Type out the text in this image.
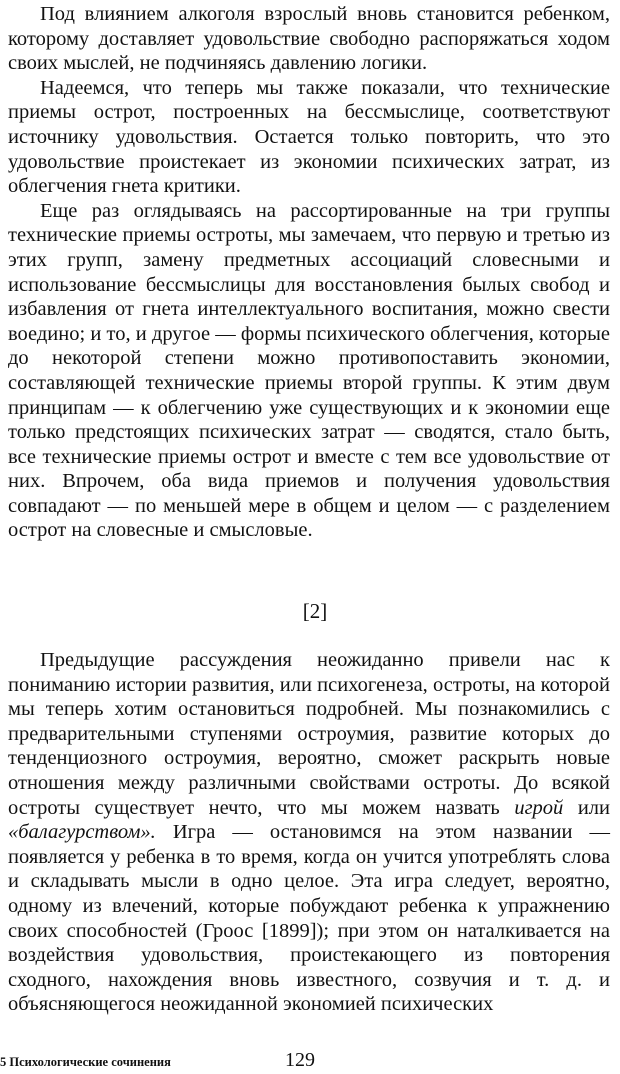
Под влиянием алкоголя взрослый вновь становится ребенком, которому доставляет удовольствие свободно распоряжаться ходом своих мыслей, не подчиняясь давлению логики.

Надеемся, что теперь мы также показали, что технические приемы острот, построенных на бессмыслице, соответствуют источнику удовольствия. Остается только повторить, что это удовольствие проистекает из экономии психических затрат, из облегчения гнета критики.

Еще раз оглядываясь на рассортированные на три группы технические приемы остроты, мы замечаем, что первую и третью из этих групп, замену предметных ассоциаций словесными и использование бессмыслицы для восстановления былых свобод и избавления от гнета интеллектуального воспитания, можно свести воедино; и то, и другое — формы психического облегчения, которые до некоторой степени можно противопоставить экономии, составляющей технические приемы второй группы. К этим двум принципам — к облегчению уже существующих и к экономии еще только предстоящих психических затрат — сводятся, стало быть, все технические приемы острот и вместе с тем все удовольствие от них. Впрочем, оба вида приемов и получения удовольствия совпадают — по меньшей мере в общем и целом — с разделением острот на словесные и смысловые.

[2]

Предыдущие рассуждения неожиданно привели нас к пониманию истории развития, или психогенеза, остроты, на которой мы теперь хотим остановиться подробней. Мы познакомились с предварительными ступенями остроумия, развитие которых до тенденциозного остроумия, вероятно, сможет раскрыть новые отношения между различными свойствами остроты. До всякой остроты существует нечто, что мы можем назвать игрой или «балагурством». Игра — остановимся на этом названии — появляется у ребенка в то время, когда он учится употреблять слова и складывать мысли в одно целое. Эта игра следует, вероятно, одному из влечений, которые побуждают ребенка к упражнению своих способностей (Гроос [1899]); при этом он наталкивается на воздействия удовольствия, проистекающего из повторения сходного, нахождения вновь известного, созвучия и т. д. и объясняющегося неожиданной экономией психических

5 Психологические сочинения	129
